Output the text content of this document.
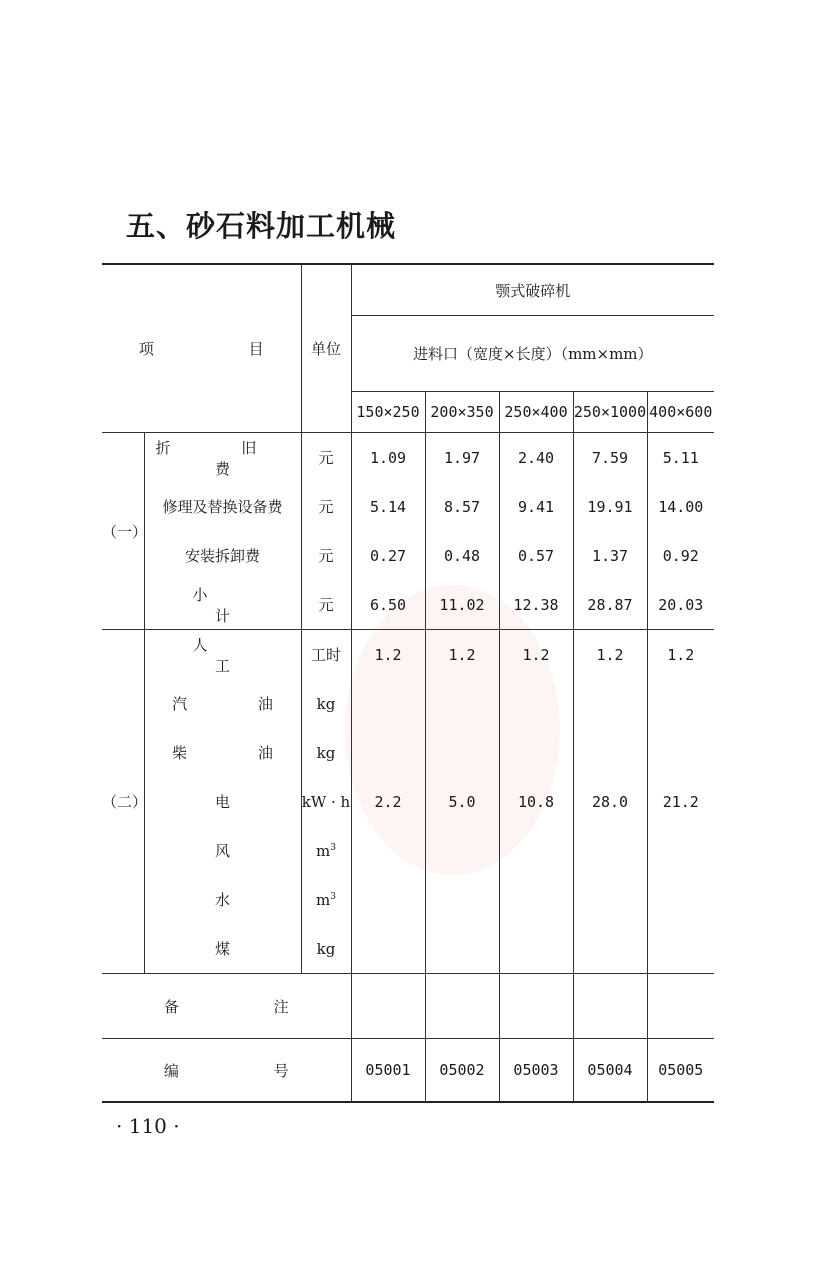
五、砂石料加工机械
项 目		单位	颚式破碎机				
			进料口（宽度×长度）（mm×mm）				
			150×250	200×350	250×400	250×1000	400×600
（一）	折 旧 费	元	1.09	1.97	2.40	7.59	5.11
	修理及替换设备费	元	5.14	8.57	9.41	19.91	14.00
	安装拆卸费	元	0.27	0.48	0.57	1.37	0.92
	小 计	元	6.50	11.02	12.38	28.87	20.03
（二）	人 工	工时	1.2	1.2	1.2	1.2	1.2
	汽 油	kg					
	柴 油	kg					
	电	kW · h	2.2	5.0	10.8	28.0	21.2
	风	$m^3$					
	水	$m^3$					
	煤	kg					
备 注							
编 号			05001	05002	05003	05004	05005
· 110 ·
